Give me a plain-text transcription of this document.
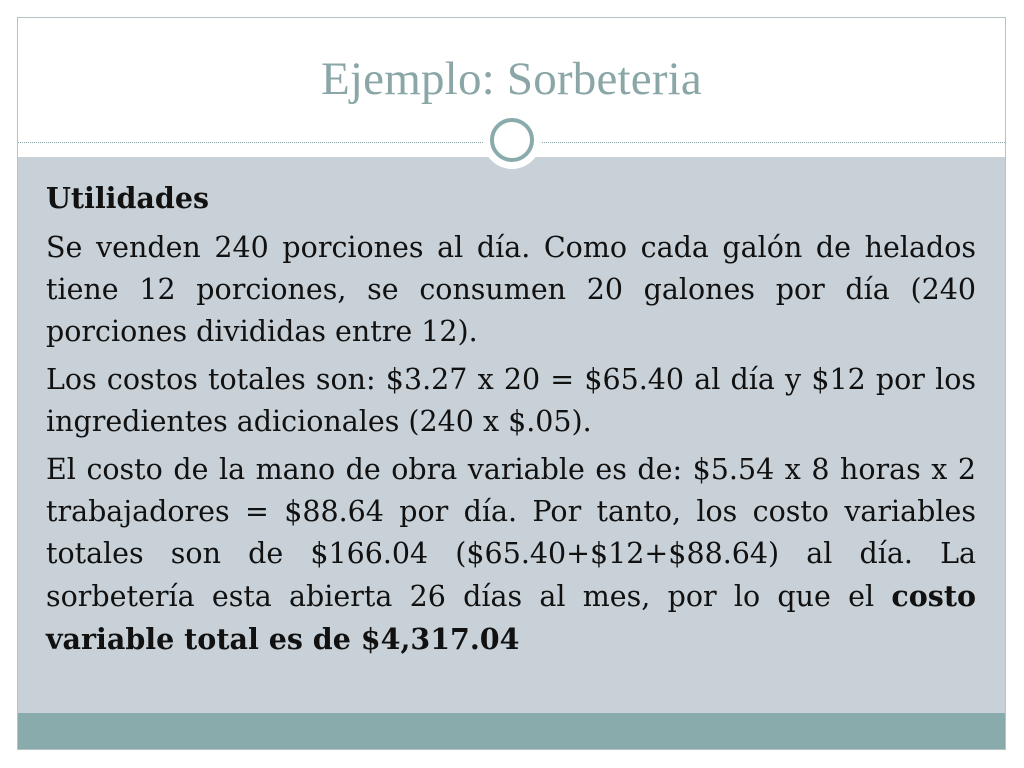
Ejemplo: Sorbeteria
Utilidades

Se venden 240 porciones al día. Como cada galón de helados tiene 12 porciones, se consumen 20 galones por día (240 porciones divididas entre 12).

Los costos totales son: $3.27 x 20 = $65.40 al día y $12 por los ingredientes adicionales (240 x $.05).

El costo de la mano de obra variable es de: $5.54 x 8 horas x 2 trabajadores = $88.64 por día. Por tanto, los costo variables totales son de $166.04 ($65.40+$12+$88.64) al día. La sorbetería esta abierta 26 días al mes, por lo que el costo variable total es de $4,317.04
